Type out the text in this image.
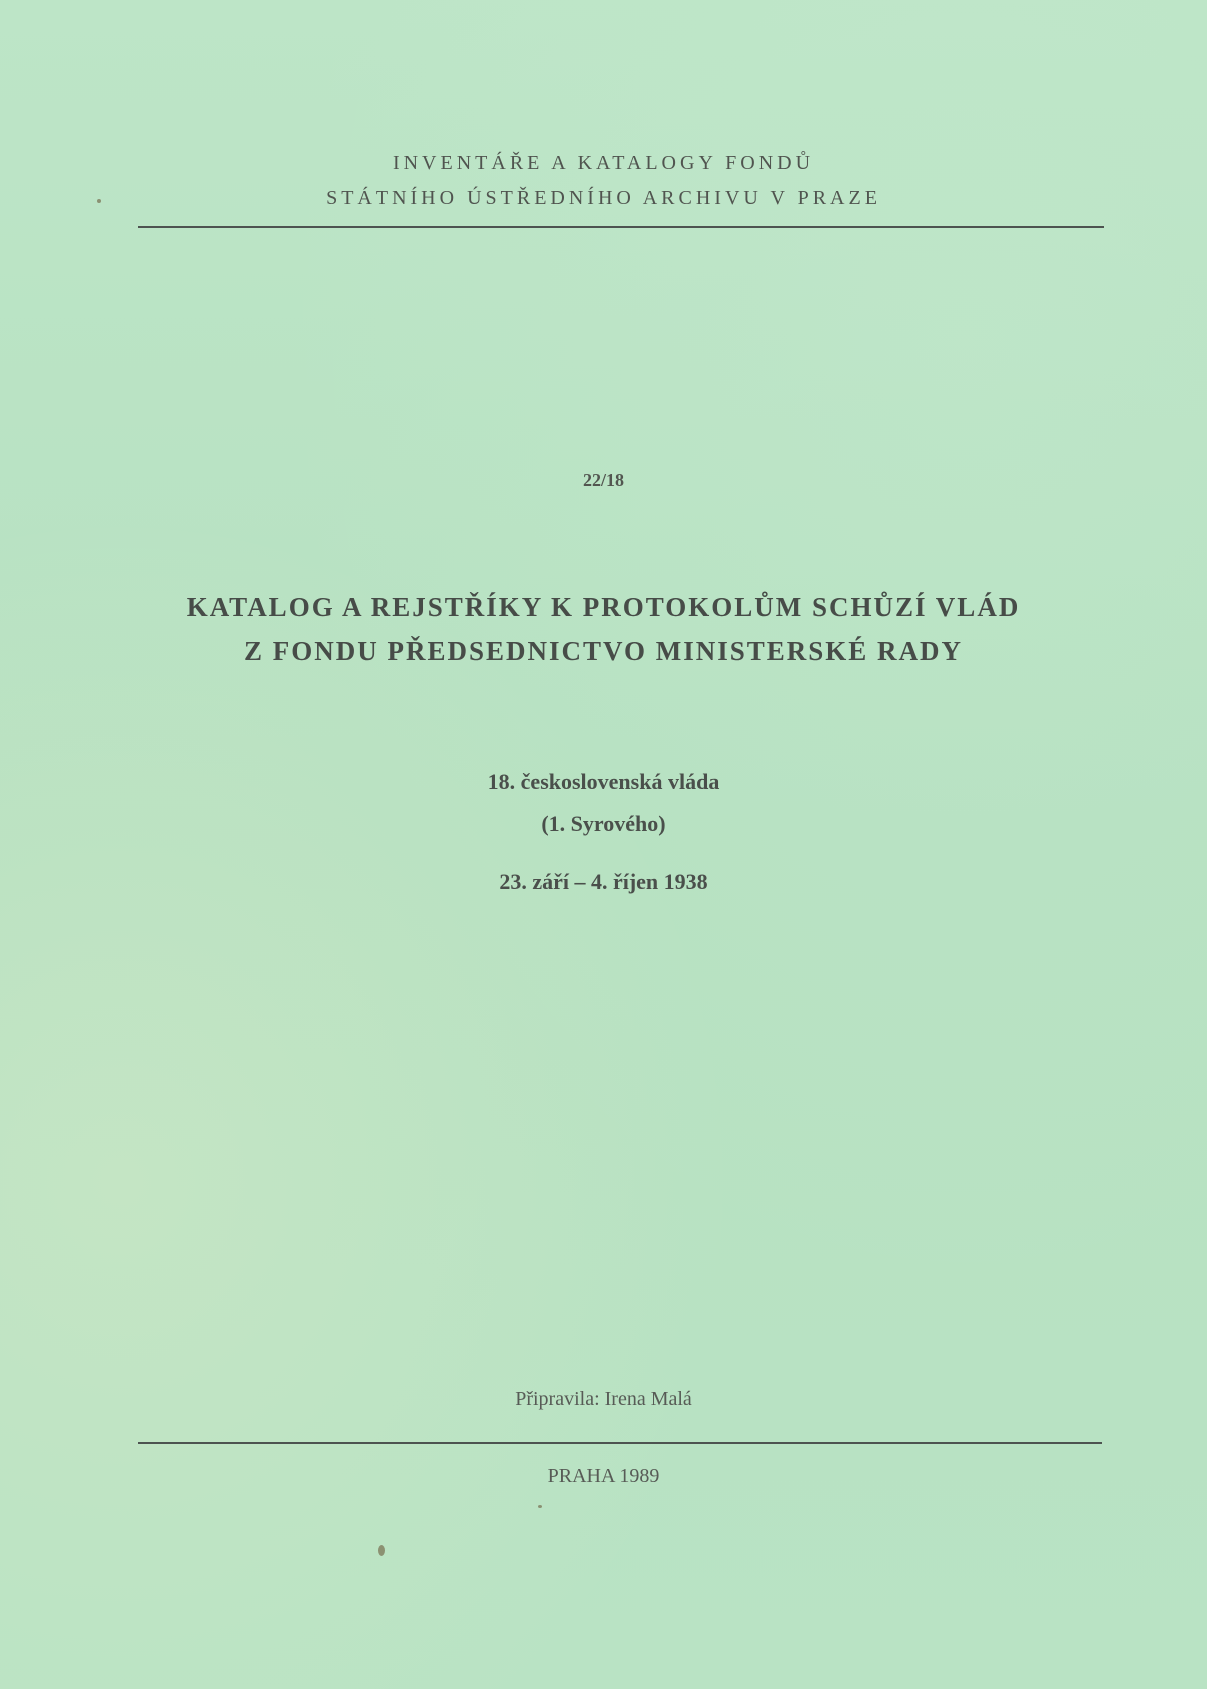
INVENTÁŘE A KATALOGY FONDŮ
STÁTNÍHO ÚSTŘEDNÍHO ARCHIVU V PRAZE
22/18
KATALOG A REJSTŘÍKY K PROTOKOLŮM SCHŮZÍ VLÁD
Z FONDU PŘEDSEDNICTVO MINISTERSKÉ RADY
18. československá vláda
(1. Syrového)
23. září – 4. říjen 1938
Připravila: Irena Malá
PRAHA 1989
